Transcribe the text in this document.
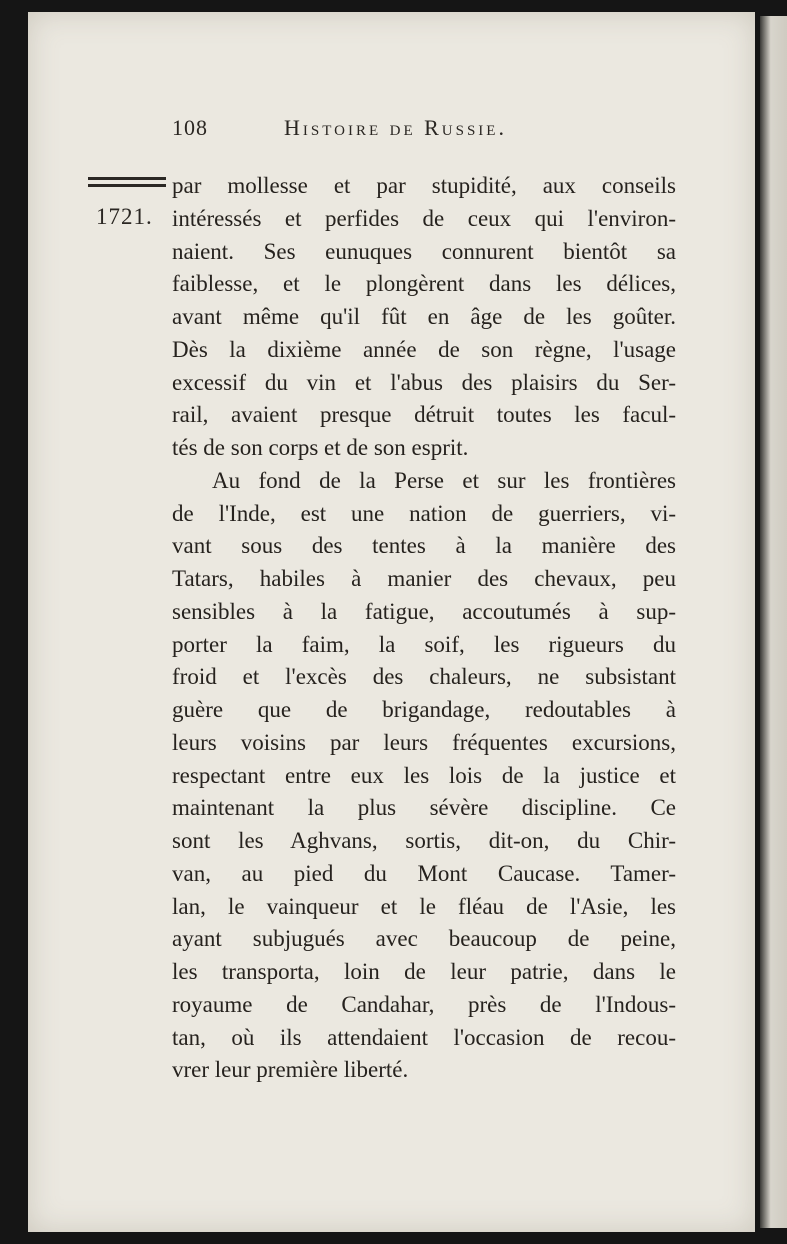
108	Histoire de Russie.
1721.
par mollesse et par stupidité, aux conseils
intéressés et perfides de ceux qui l'environ-
naient. Ses eunuques connurent bientôt sa
faiblesse, et le plongèrent dans les délices,
avant même qu'il fût en âge de les goûter.
Dès la dixième année de son règne, l'usage
excessif du vin et l'abus des plaisirs du Ser-
rail, avaient presque détruit toutes les facul-
tés de son corps et de son esprit.
Au fond de la Perse et sur les frontières
de l'Inde, est une nation de guerriers, vi-
vant sous des tentes à la manière des
Tatars, habiles à manier des chevaux, peu
sensibles à la fatigue, accoutumés à sup-
porter la faim, la soif, les rigueurs du
froid et l'excès des chaleurs, ne subsistant
guère que de brigandage, redoutables à
leurs voisins par leurs fréquentes excursions,
respectant entre eux les lois de la justice et
maintenant la plus sévère discipline. Ce
sont les Aghvans, sortis, dit-on, du Chir-
van, au pied du Mont Caucase. Tamer-
lan, le vainqueur et le fléau de l'Asie, les
ayant subjugués avec beaucoup de peine,
les transporta, loin de leur patrie, dans le
royaume de Candahar, près de l'Indous-
tan, où ils attendaient l'occasion de recou-
vrer leur première liberté.
